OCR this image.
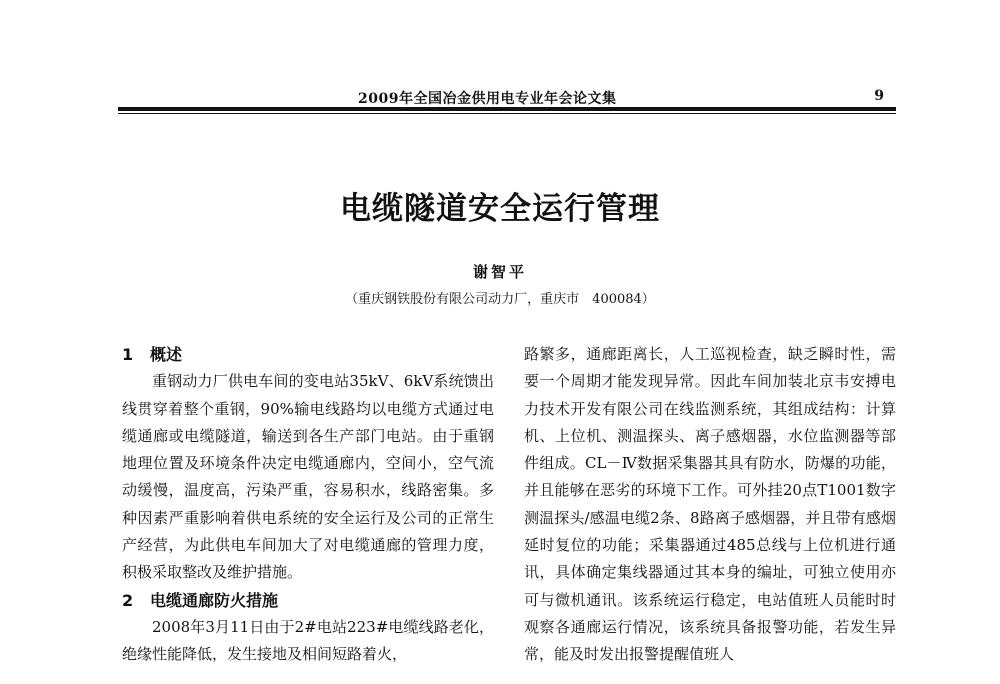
2009年全国冶金供用电专业年会论文集	9
电缆隧道安全运行管理
谢智平
（重庆钢铁股份有限公司动力厂，重庆市　400084）
1 概述

重钢动力厂供电车间的变电站35kV、6kV系统馈出线贯穿着整个重钢，90%输电线路均以电缆方式通过电缆通廊或电缆隧道，输送到各生产部门电站。由于重钢地理位置及环境条件决定电缆通廊内，空间小，空气流动缓慢，温度高，污染严重，容易积水，线路密集。多种因素严重影响着供电系统的安全运行及公司的正常生产经营，为此供电车间加大了对电缆通廊的管理力度，积极采取整改及维护措施。

2 电缆通廊防火措施

2008年3月11日由于2#电站223#电缆线路老化，绝缘性能降低，发生接地及相间短路着火，

路繁多，通廊距离长，人工巡视检查，缺乏瞬时性，需要一个周期才能发现异常。因此车间加装北京韦安搏电力技术开发有限公司在线监测系统，其组成结构：计算机、上位机、测温探头、离子感烟器，水位监测器等部件组成。CL－Ⅳ数据采集器其具有防水，防爆的功能，并且能够在恶劣的环境下工作。可外挂20点T1001数字测温探头/感温电缆2条、8路离子感烟器，并且带有感烟延时复位的功能；采集器通过485总线与上位机进行通讯，具体确定集线器通过其本身的编址，可独立使用亦可与微机通讯。该系统运行稳定，电站值班人员能时时观察各通廊运行情况，该系统具备报警功能，若发生异常，能及时发出报警提醒值班人
